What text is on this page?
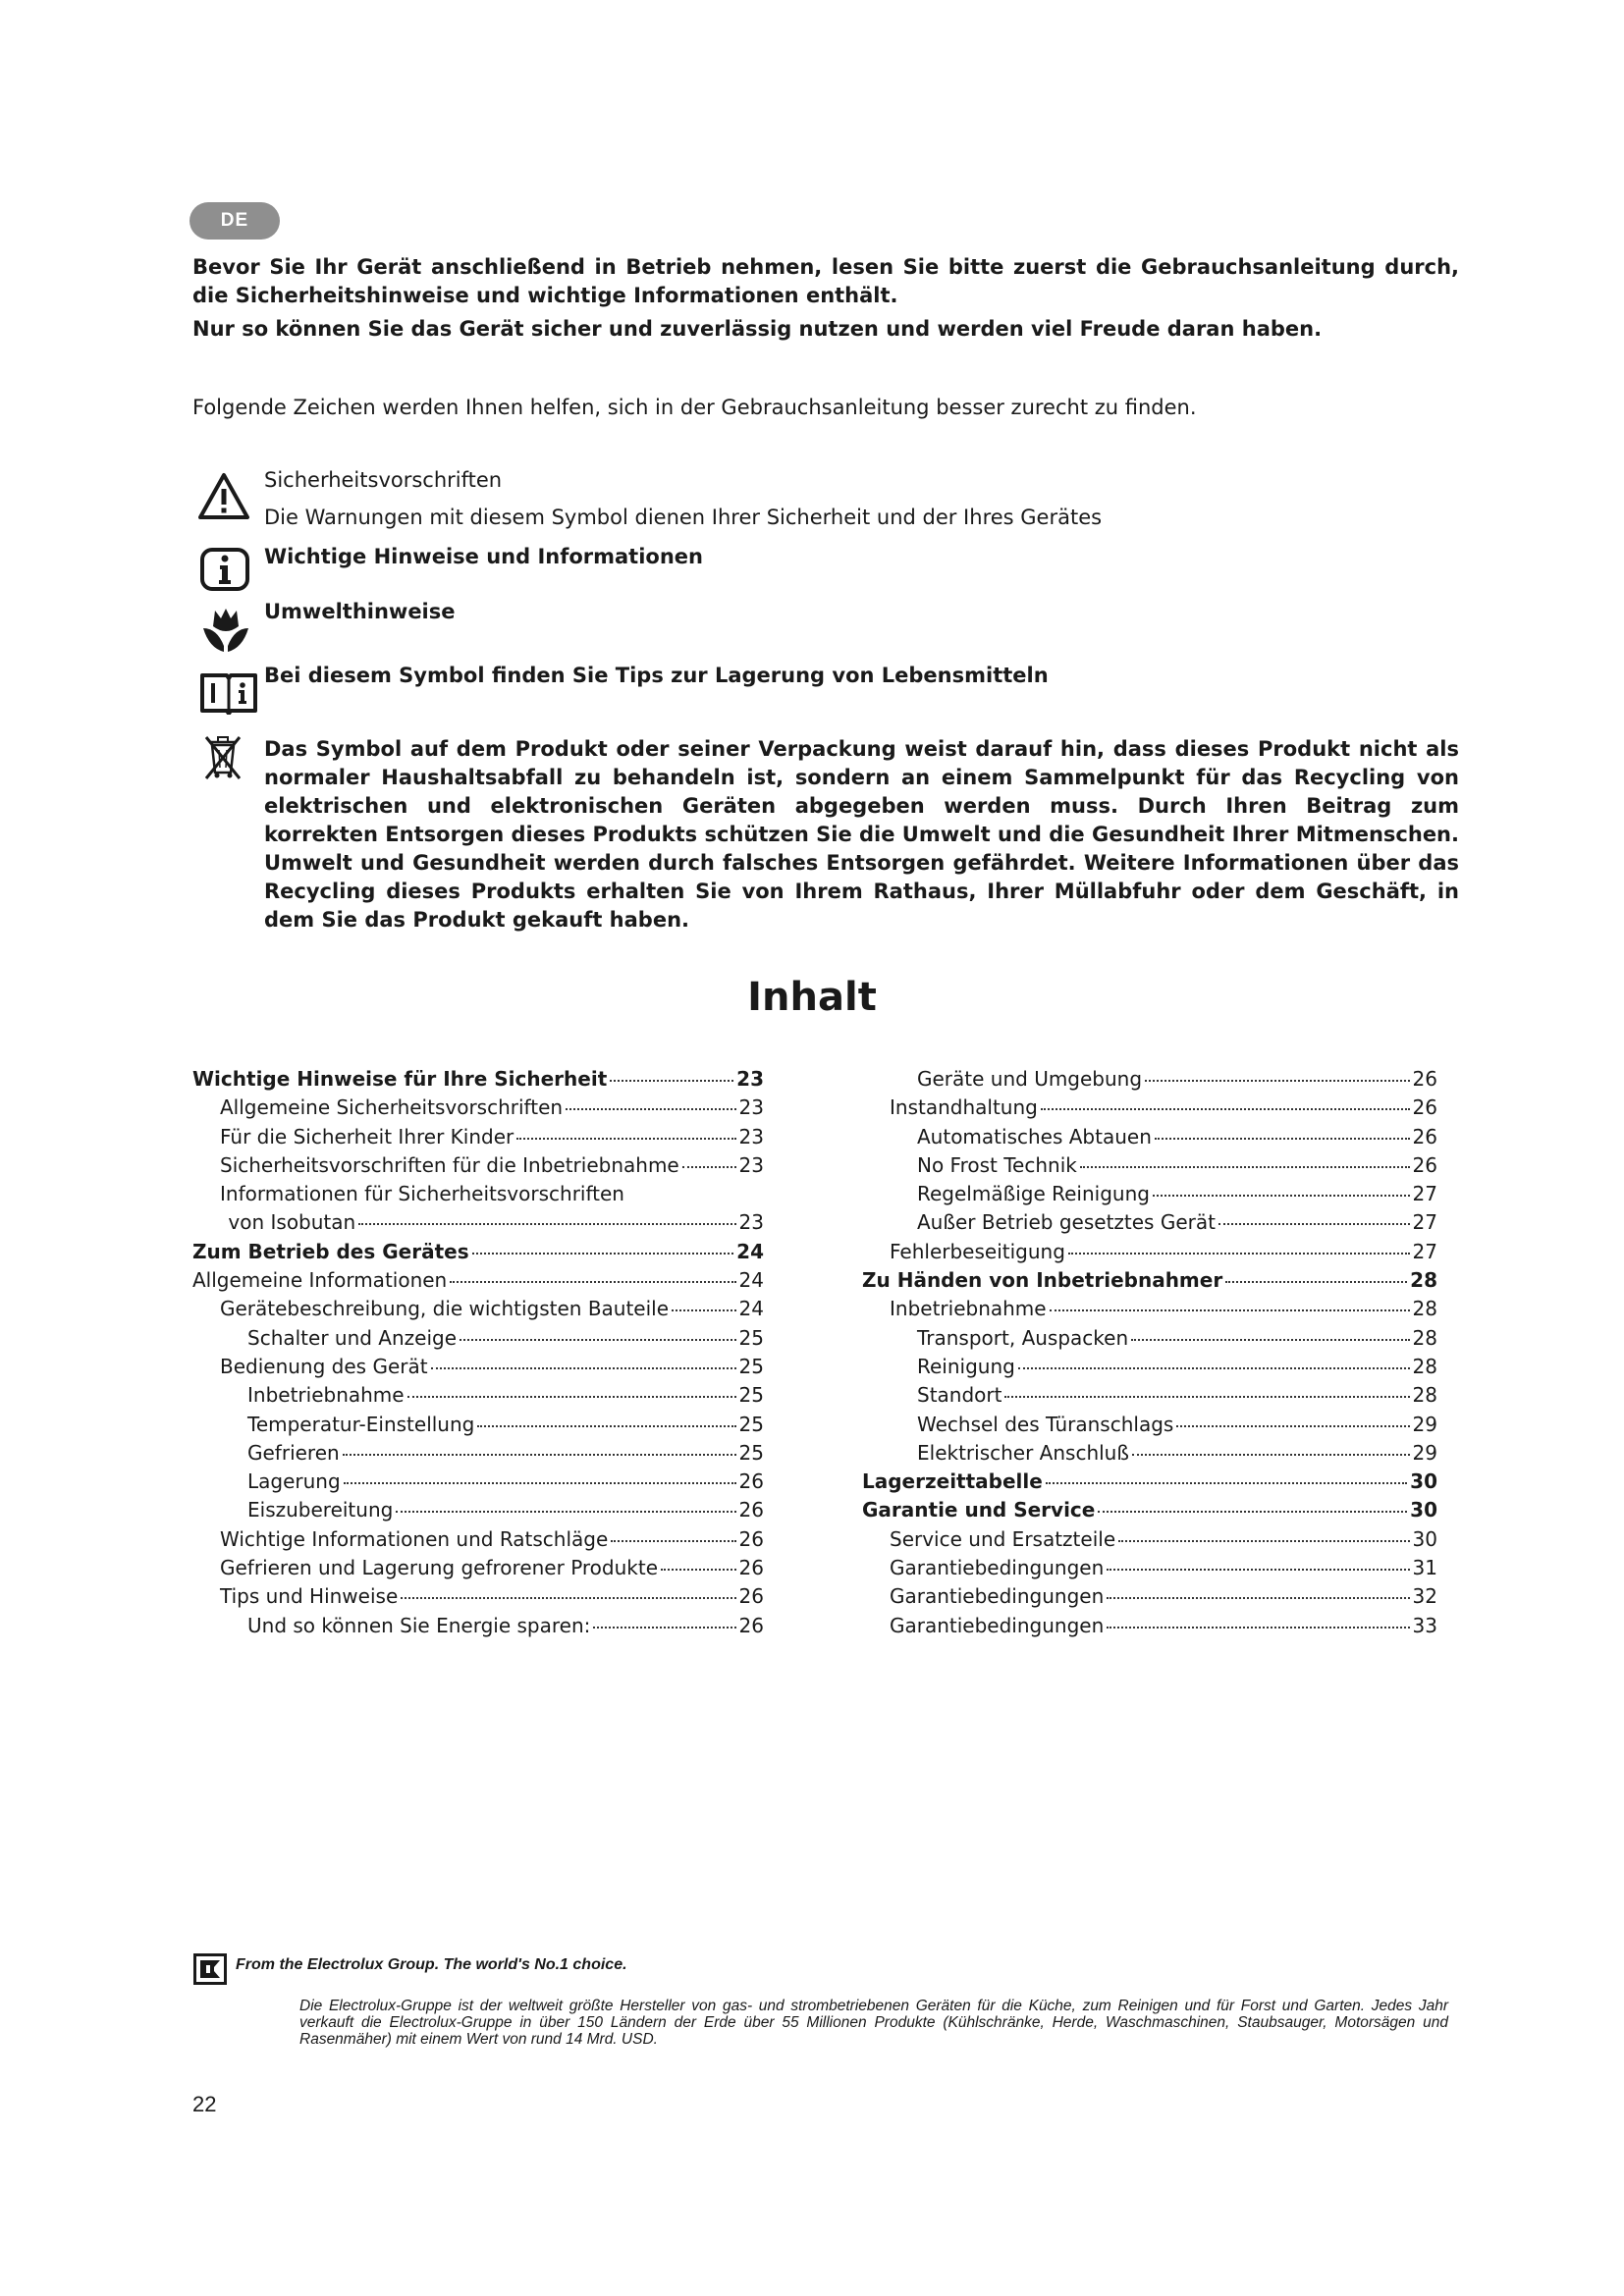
DE

Bevor Sie Ihr Gerät anschließend in Betrieb nehmen, lesen Sie bitte zuerst die Gebrauchsanleitung durch, die Sicherheitshinweise und wichtige Informationen enthält.

Nur so können Sie das Gerät sicher und zuverlässig nutzen und werden viel Freude daran haben.

Folgende Zeichen werden Ihnen helfen, sich in der Gebrauchsanleitung besser zurecht zu finden.

Sicherheitsvorschriften
Die Warnungen mit diesem Symbol dienen Ihrer Sicherheit und der Ihres Gerätes
Wichtige Hinweise und Informationen
Umwelthinweise
Bei diesem Symbol finden Sie Tips zur Lagerung von Lebensmitteln

Das Symbol auf dem Produkt oder seiner Verpackung weist darauf hin, dass dieses Produkt nicht als normaler Haushaltsabfall zu behandeln ist, sondern an einem Sammelpunkt für das Recycling von elektrischen und elektronischen Geräten abgegeben werden muss. Durch Ihren Beitrag zum korrekten Entsorgen dieses Produkts schützen Sie die Umwelt und die Gesundheit Ihrer Mitmenschen. Umwelt und Gesundheit werden durch falsches Entsorgen gefährdet. Weitere Informationen über das Recycling dieses Produkts erhalten Sie von Ihrem Rathaus, Ihrer Müllabfuhr oder dem Geschäft, in dem Sie das Produkt gekauft haben.

Inhalt
Wichtige Hinweise für Ihre Sicherheit	23
Allgemeine Sicherheitsvorschriften	23
Für die Sicherheit Ihrer Kinder	23
Sicherheitsvorschriften für die Inbetriebnahme	23
Informationen für Sicherheitsvorschriften
von Isobutan	23
Zum Betrieb des Gerätes	24
Allgemeine Informationen	24
Gerätebeschreibung, die wichtigsten Bauteile	24
Schalter und Anzeige	25
Bedienung des Gerät	25
Inbetriebnahme	25
Temperatur-Einstellung	25
Gefrieren	25
Lagerung	26
Eiszubereitung	26
Wichtige Informationen und Ratschläge	26
Gefrieren und Lagerung gefrorener Produkte	26
Tips und Hinweise	26
Und so können Sie Energie sparen:	26
Geräte und Umgebung	26
Instandhaltung	26
Automatisches Abtauen	26
No Frost Technik	26
Regelmäßige Reinigung	27
Außer Betrieb gesetztes Gerät	27
Fehlerbeseitigung	27
Zu Händen von Inbetriebnahmer	28
Inbetriebnahme	28
Transport, Auspacken	28
Reinigung	28
Standort	28
Wechsel des Türanschlags	29
Elektrischer Anschluß	29
Lagerzeittabelle	30
Garantie und Service	30
Service und Ersatzteile	30
Garantiebedingungen	31
Garantiebedingungen	32
Garantiebedingungen	33

From the Electrolux Group. The world's No.1 choice.

Die Electrolux-Gruppe ist der weltweit größte Hersteller von gas- und strombetriebenen Geräten für die Küche, zum Reinigen und für Forst und Garten. Jedes Jahr verkauft die Electrolux-Gruppe in über 150 Ländern der Erde über 55 Millionen Produkte (Kühlschränke, Herde, Waschmaschinen, Staubsauger, Motorsägen und Rasenmäher) mit einem Wert von rund 14 Mrd. USD.

22
